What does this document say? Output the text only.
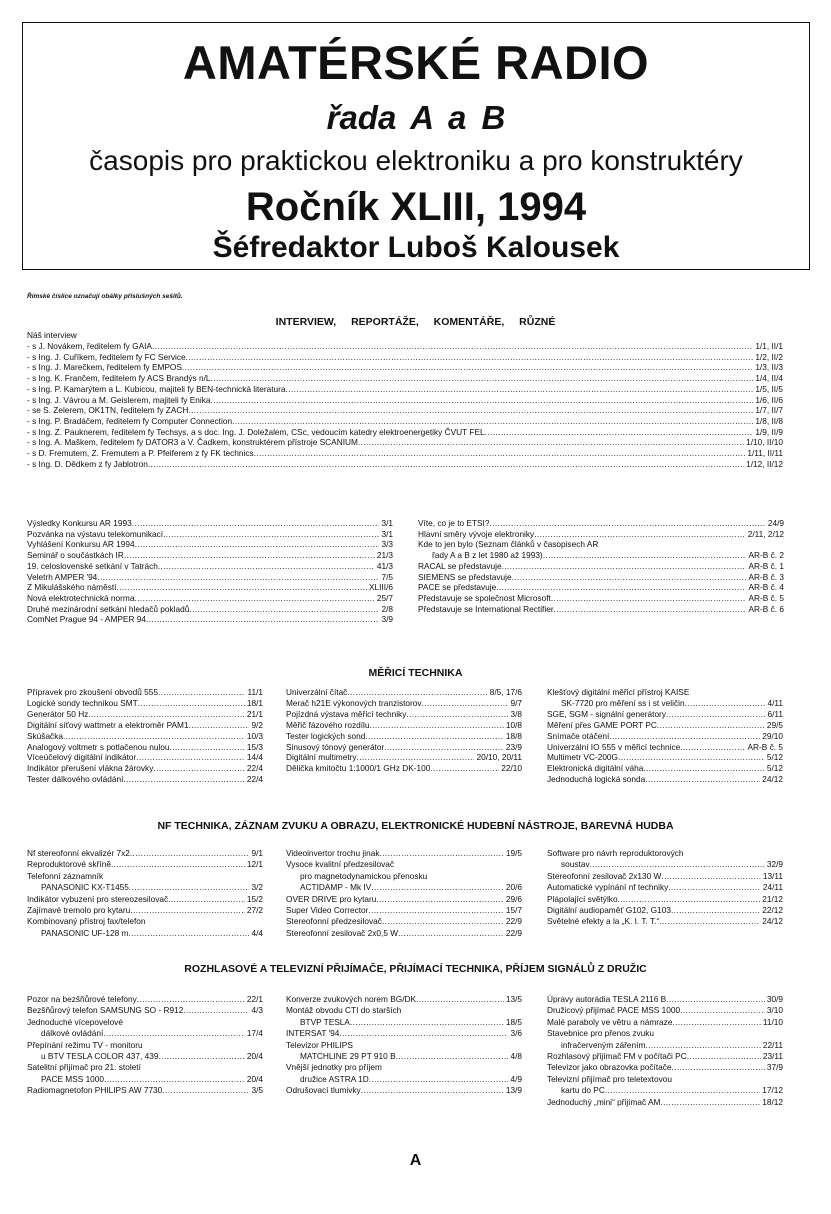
AMATÉRSKÉ RADIO
řada A a B
časopis pro praktickou elektroniku a pro konstruktéry
Ročník XLIII, 1994
Šéfredaktor Luboš Kalousek
Římské číslice označují obálky příslušných sešitů.
INTERVIEW, REPORTÁŽE, KOMENTÁŘE, RŮZNÉ
Náš interview
- s J. Novákem, ředitelem fy GAIA .....	1/1, II/1
- s Ing. J. Cuříkem, ředitelem fy FC Service .....	1/2, II/2
- s Ing. J. Marečkem, ředitelem fy EMPOS .....	1/3, II/3
- s Ing. K. Frančem, ředitelem fy ACS Brandýs n/L .....	1/4, II/4
- s Ing. P. Kamarýtem a L. Kubicou, majiteli fy BEN-technická literatura .....	1/5, II/5
- s Ing. J. Vávrou a M. Geislerem, majiteli fy Enika .....	1/6, II/6
- se S. Zelerem, OK1TN, ředitelem fy ZACH .....	1/7, II/7
- s Ing. P. Bradáčem, ředitelem fy Computer Connection .....	1/8, II/8
- s Ing. Z. Pauknerem, ředitelem fy Techsys, a s doc. Ing. J. Doležalem, CSc, vedoucím katedry elektroenergetiky ČVUT FEL .....	1/9, II/9
- s Ing. A. Maškem, ředitelem fy DATOR3 a V. Čadkem, konstruktérem přístroje SCANIUM .....	1/10, II/10
- s D. Fremutem, Z. Fremutem a P. Pfeiferem z fy FK technics .....	1/11, II/11
- s Ing. D. Dědkem z fy Jablotron .....	1/12, II/12
Výsledky Konkursu AR 1993 .....	3/1
Pozvánka na výstavu telekomunikací .....	3/1
Vyhlášení Konkursu AR 1994 .....	3/3
Seminář o součástkách IR .....	21/3
19. celoslovenské setkání v Tatrách .....	41/3
Veletrh AMPER '94 .....	7/5
Z Mikulášského náměstí .....	XLIII/6
Nová elektrotechnická norma .....	25/7
Druhé mezinárodní setkání hledačů pokladů .....	2/8
ComNet Prague 94 - AMPER 94 .....	3/9
Víte, co je to ETSI? .....	24/9
Hlavní směry vývoje elektroniky .....	2/11, 2/12
Kde to jen bylo (Seznam článků v časopisech AR
řady A a B z let 1980 až 1993) .....	AR-B č. 2
RACAL se představuje .....	AR-B č. 1
SIEMENS se představuje .....	AR-B č. 3
PACE se představuje .....	AR-B č. 4
Představuje se společnost Microsoft .....	AR-B č. 5
Představuje se International Rectifier .....	AR-B č. 6
MĚŘICÍ TECHNIKA
Přípravek pro zkoušení obvodů 555 .....	11/1
Logické sondy technikou SMT .....	18/1
Generátor 50 Hz .....	21/1
Digitální síťový wattmetr a elektroměr PAM1 .....	9/2
Skúšačka .....	10/3
Analogový voltmetr s potlačenou nulou .....	15/3
Víceúčelový digitální indikátor .....	14/4
Indikátor přerušení vlákna žárovky .....	22/4
Tester dálkového ovládání .....	22/4
Univerzální čítač .....	8/5, 17/6
Merač h21E výkonových tranzistorov .....	9/7
Pojízdná výstava měřicí techniky .....	3/8
Měřič fázového rozdílu .....	10/8
Tester logických sond .....	18/8
Sinusový tónový generátor .....	23/9
Digitální multimetry .....	20/10, 20/11
Dělička kmitočtu 1:1000/1 GHz DK-100 .....	22/10
Klešťový digitální měřicí přístroj KAISE
SK-7720 pro měření ss i st veličin .....	4/11
SGE, SGM - signální generátory .....	6/11
Měření přes GAME PORT PC .....	29/5
Snímače otáčení .....	29/10
Univerzální IO 555 v měřicí technice .....	AR-B č. 5
Multimetr VC-200G .....	5/12
Elektronická digitální váha .....	5/12
Jednoduchá logická sonda .....	24/12
NF TECHNIKA, ZÁZNAM ZVUKU A OBRAZU, ELEKTRONICKÉ HUDEBNÍ NÁSTROJE, BAREVNÁ HUDBA
Nf stereofonní ekvalizér 7x2 .....	9/1
Reproduktorové skříně .....	12/1
Telefonní záznamník
PANASONIC KX-T1455 .....	3/2
Indikátor vybuzení pro stereozesilovač .....	15/2
Zajímavé tremolo pro kytaru .....	27/2
Kombinovaný přístroj fax/telefon
PANASONIC UF-128 m .....	4/4
Videoinvertor trochu jinak .....	19/5
Vysoce kvalitní předzesilovač
pro magnetodynamickou přenosku
ACTIDAMP - Mk IV .....	20/6
OVER DRIVE pro kytaru .....	29/6
Super Video Corrector .....	15/7
Stereofonní předzesilovač .....	22/9
Stereofonní zesilovač 2x0,5 W .....	22/9
Software pro návrh reproduktorových
soustav .....	32/9
Stereofonní zesilovač 2x130 W .....	13/11
Automatické vypínání nf techniky .....	24/11
Plápolající světýlko .....	21/12
Digitální audiopaměť G102, G103 .....	22/12
Světelné efekty a la „K. I. T. T.“ .....	24/12
ROZHLASOVÉ A TELEVIZNÍ PŘIJÍMAČE, PŘIJÍMACÍ TECHNIKA, PŘÍJEM SIGNÁLŮ Z DRUŽIC
Pozor na bezšňůrové telefony .....	22/1
Bezšňůrový telefon SAMSUNG SO - R912 .....	4/3
Jednoduché vícepovelové
dálkové ovládání .....	17/4
Přepínání režimu TV - monitoru
u BTV TESLA COLOR 437, 439 .....	20/4
Satelitní přijímač pro 21. století
PACE MSS 1000 .....	20/4
Radiomagnetofon PHILIPS AW 7730 .....	3/5
Konverze zvukových norem BG/DK .....	13/5
Montáž obvodu CTI do starších
BTVP TESLA .....	18/5
INTERSAT '94 .....	3/6
Televizor PHILIPS
MATCHLINE 29 PT 910 B .....	4/8
Vnější jednotky pro příjem
družice ASTRA 1D .....	4/9
Odrušovací tlumivky .....	13/9
Úpravy autorádia TESLA 2116 B .....	30/9
Družicový přijímač PACE MSS 1000 .....	3/10
Malé paraboly ve větru a námraze .....	11/10
Stavebnice pro přenos zvuku
infračerveným zářením .....	22/11
Rozhlasový přijímač FM v počítači PC .....	23/11
Televizor jako obrazovka počítače .....	37/9
Televizní přijímač pro teletextovou
kartu do PC .....	17/12
Jednoduchý „mini“ přijímač AM .....	18/12
A
